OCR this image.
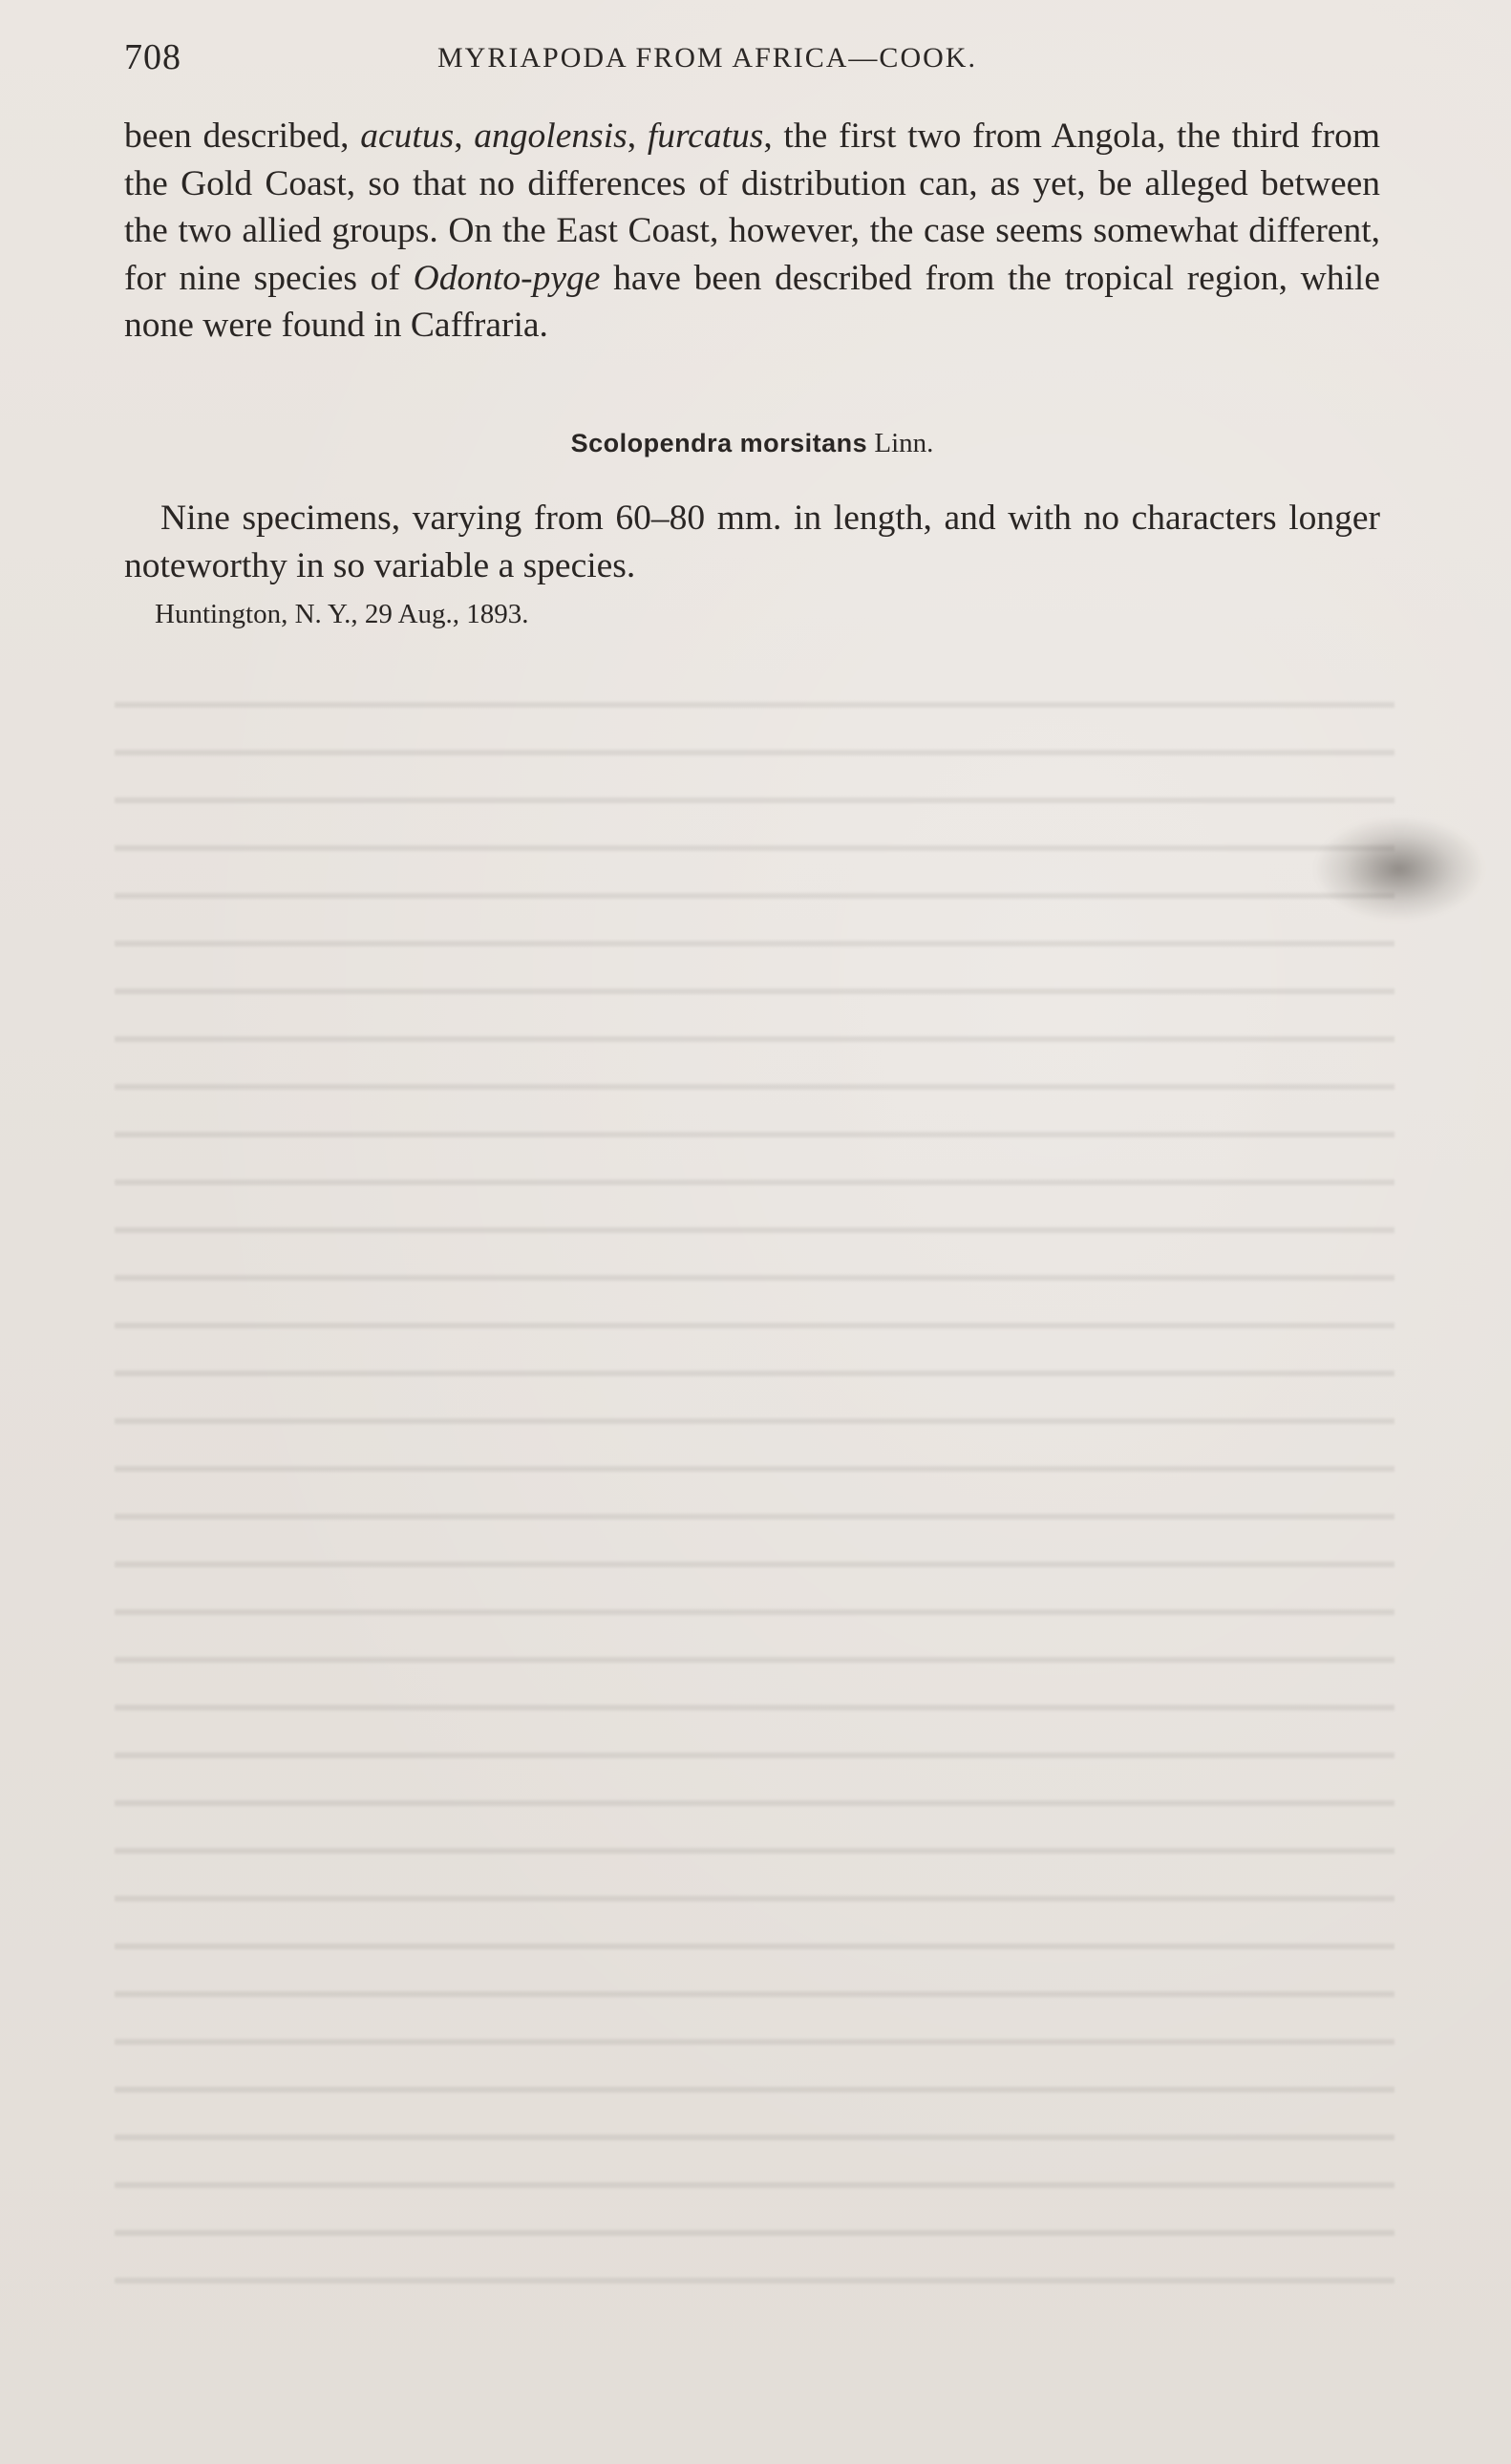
708	MYRIAPODA FROM AFRICA—COOK.

been described, acutus, angolensis, furcatus, the first two from Angola, the third from the Gold Coast, so that no differences of distribution can, as yet, be alleged between the two allied groups. On the East Coast, however, the case seems somewhat different, for nine species of Odonto-pyge have been described from the tropical region, while none were found in Caffraria.

Scolopendra morsitans Linn.
Nine specimens, varying from 60–80 mm. in length, and with no characters longer noteworthy in so variable a species.
Huntington, N. Y., 29 Aug., 1893.
